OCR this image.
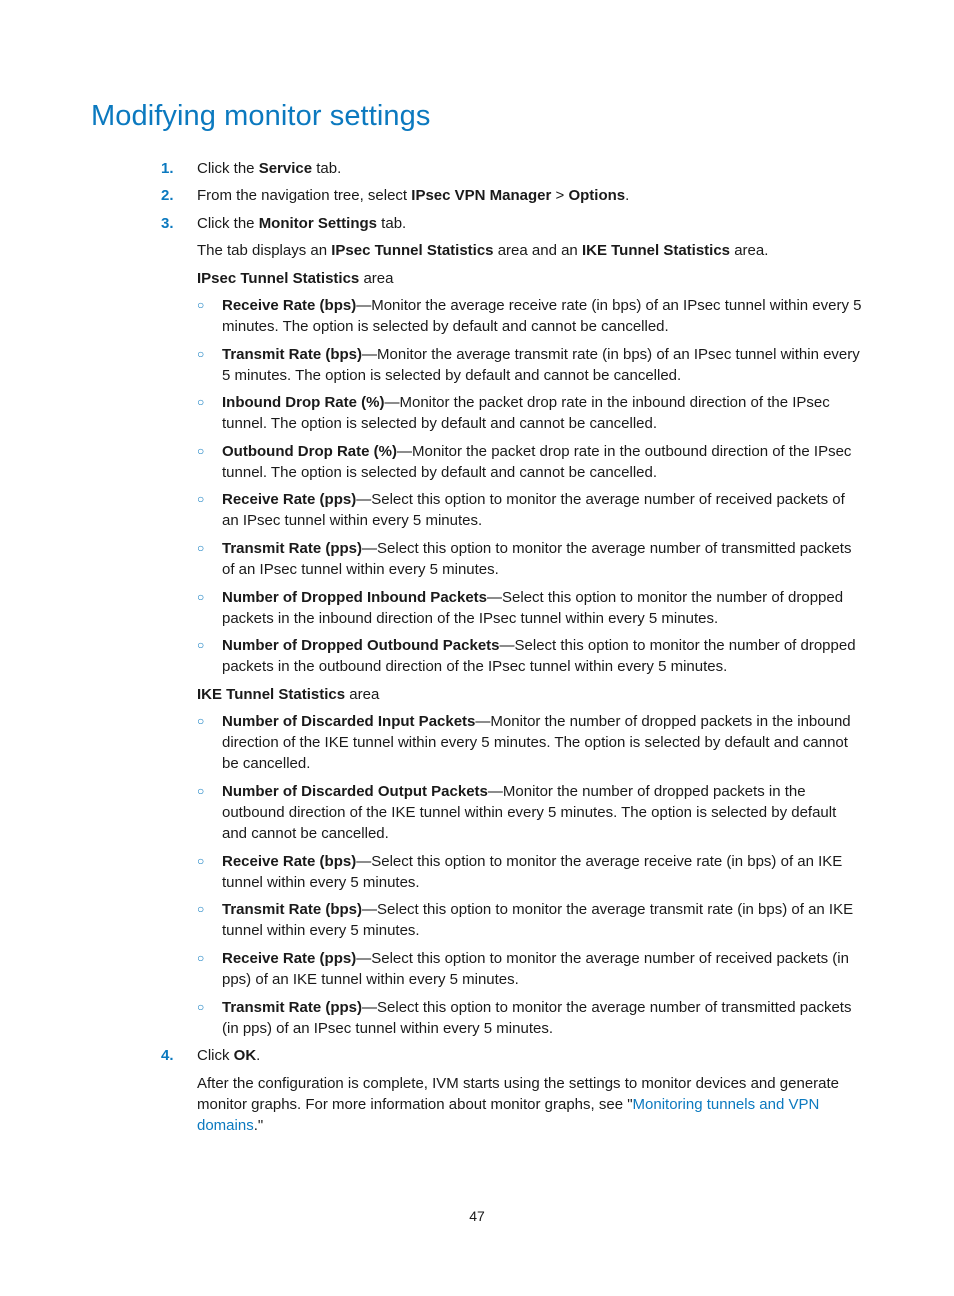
Modifying monitor settings
1.	Click the Service tab.
2.	From the navigation tree, select IPsec VPN Manager > Options.
3.	Click the Monitor Settings tab.
The tab displays an IPsec Tunnel Statistics area and an IKE Tunnel Statistics area.
IPsec Tunnel Statistics area
○ Receive Rate (bps)—Monitor the average receive rate (in bps) of an IPsec tunnel within every 5 minutes. The option is selected by default and cannot be cancelled.
○ Transmit Rate (bps)—Monitor the average transmit rate (in bps) of an IPsec tunnel within every 5 minutes. The option is selected by default and cannot be cancelled.
○ Inbound Drop Rate (%)—Monitor the packet drop rate in the inbound direction of the IPsec tunnel. The option is selected by default and cannot be cancelled.
○ Outbound Drop Rate (%)—Monitor the packet drop rate in the outbound direction of the IPsec tunnel. The option is selected by default and cannot be cancelled.
○ Receive Rate (pps)—Select this option to monitor the average number of received packets of an IPsec tunnel within every 5 minutes.
○ Transmit Rate (pps)—Select this option to monitor the average number of transmitted packets of an IPsec tunnel within every 5 minutes.
○ Number of Dropped Inbound Packets—Select this option to monitor the number of dropped packets in the inbound direction of the IPsec tunnel within every 5 minutes.
○ Number of Dropped Outbound Packets—Select this option to monitor the number of dropped packets in the outbound direction of the IPsec tunnel within every 5 minutes.
IKE Tunnel Statistics area
○ Number of Discarded Input Packets—Monitor the number of dropped packets in the inbound direction of the IKE tunnel within every 5 minutes. The option is selected by default and cannot be cancelled.
○ Number of Discarded Output Packets—Monitor the number of dropped packets in the outbound direction of the IKE tunnel within every 5 minutes. The option is selected by default and cannot be cancelled.
○ Receive Rate (bps)—Select this option to monitor the average receive rate (in bps) of an IKE tunnel within every 5 minutes.
○ Transmit Rate (bps)—Select this option to monitor the average transmit rate (in bps) of an IKE tunnel within every 5 minutes.
○ Receive Rate (pps)—Select this option to monitor the average number of received packets (in pps) of an IKE tunnel within every 5 minutes.
○ Transmit Rate (pps)—Select this option to monitor the average number of transmitted packets (in pps) of an IPsec tunnel within every 5 minutes.
4.	Click OK.
After the configuration is complete, IVM starts using the settings to monitor devices and generate monitor graphs. For more information about monitor graphs, see "Monitoring tunnels and VPN domains."
47
